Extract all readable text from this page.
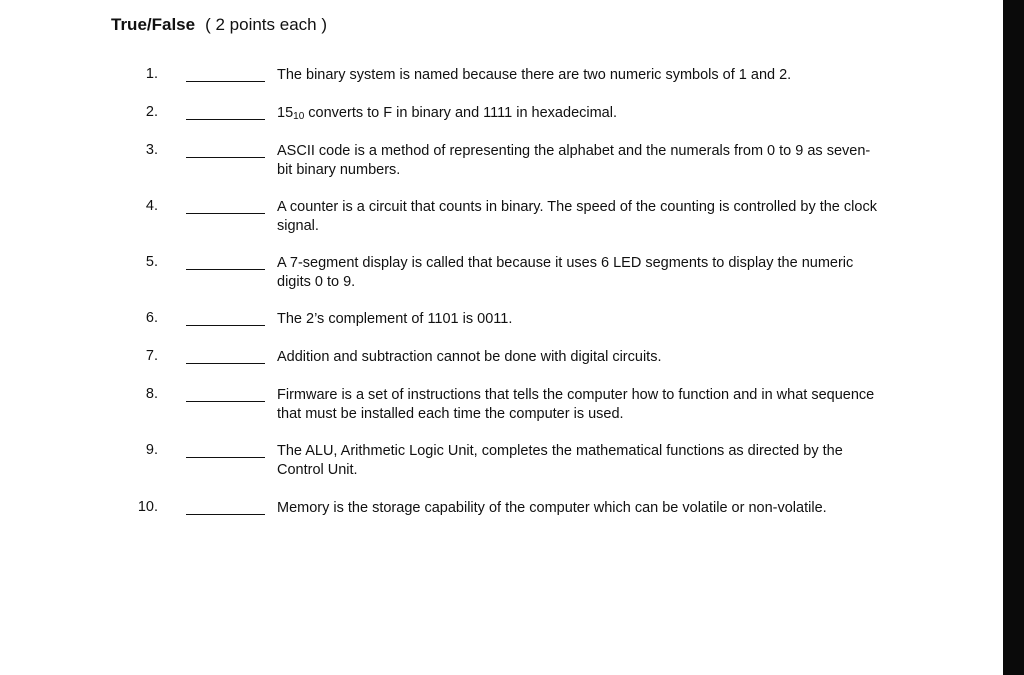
True/False ( 2 points each )
1.	The binary system is named because there are two numeric symbols of 1 and 2.
2.	$15_{10}$ converts to F in binary and 1111 in hexadecimal.
3.	ASCII code is a method of representing the alphabet and the numerals from 0 to 9 as seven-bit binary numbers.
4.	A counter is a circuit that counts in binary. The speed of the counting is controlled by the clock signal.
5.	A 7-segment display is called that because it uses 6 LED segments to display the numeric digits 0 to 9.
6.	The 2’s complement of 1101 is 0011.
7.	Addition and subtraction cannot be done with digital circuits.
8.	Firmware is a set of instructions that tells the computer how to function and in what sequence that must be installed each time the computer is used.
9.	The ALU, Arithmetic Logic Unit, completes the mathematical functions as directed by the Control Unit.
10.	Memory is the storage capability of the computer which can be volatile or non-volatile.
